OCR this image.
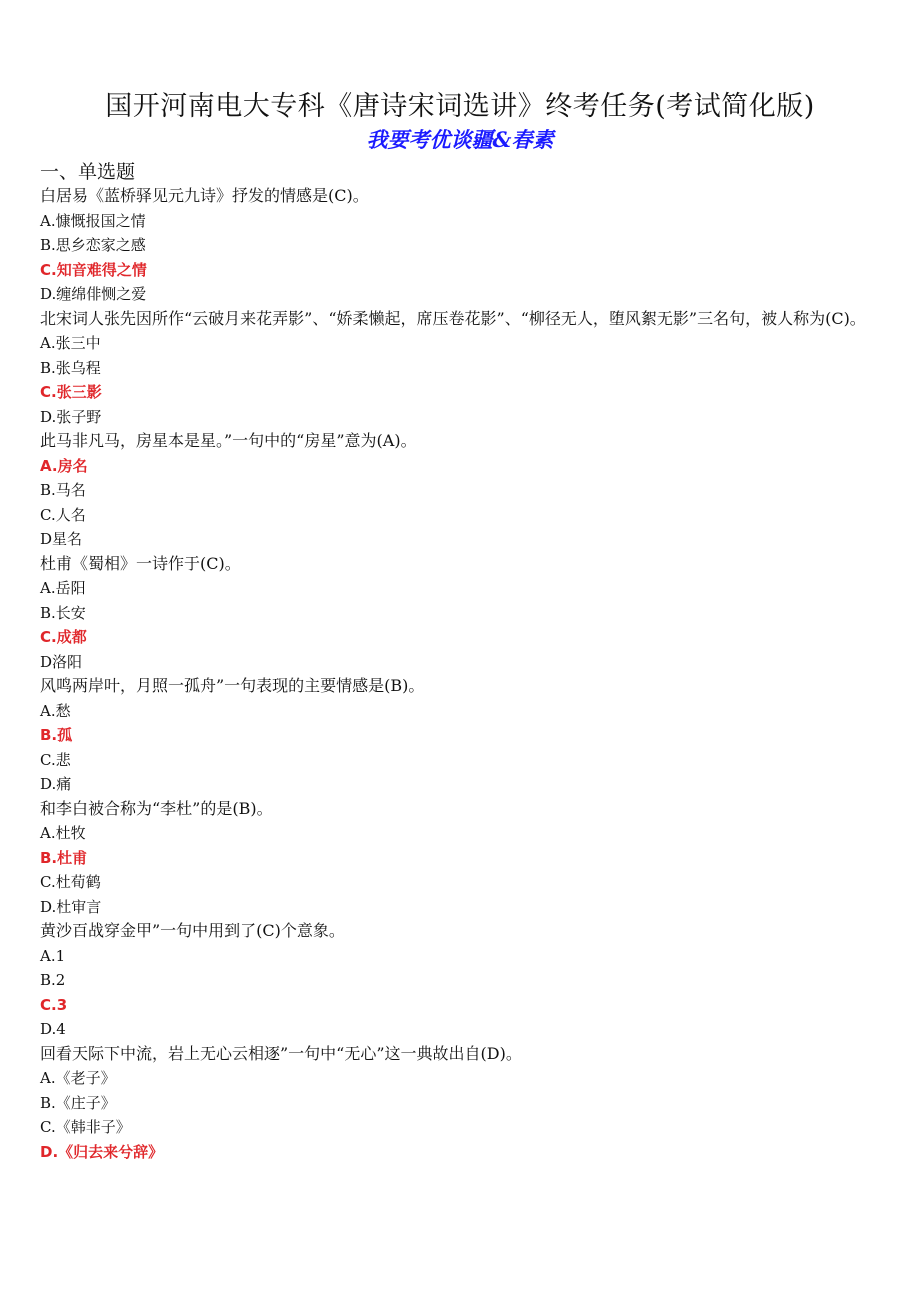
国开河南电大专科《唐诗宋词选讲》终考任务(考试简化版)
我要考优谈疆&春素

一、单选题

白居易《蓝桥驿见元九诗》抒发的情感是(C)。

A.慷慨报国之情

B.思乡恋家之感

C.知音难得之情

D.缠绵俳恻之爱

北宋词人张先因所作“云破月来花弄影”、“娇柔懒起，席压卷花影”、“柳径无人，堕风絮无影”三名句，被人称为(C)。

A.张三中

B.张乌程

C.张三影

D.张子野

此马非凡马，房星本是星。”一句中的“房星”意为(A)。

A.房名

B.马名

C.人名

D星名

杜甫《蜀相》一诗作于(C)。

A.岳阳

B.长安

C.成都

D洛阳

风鸣两岸叶，月照一孤舟”一句表现的主要情感是(B)。

A.愁

B.孤

C.悲

D.痛

和李白被合称为“李杜”的是(B)。

A.杜牧

B.杜甫

C.杜荀鹤

D.杜审言

黄沙百战穿金甲”一句中用到了(C)个意象。

A.1

B.2

C.3

D.4

回看天际下中流，岩上无心云相逐”一句中“无心”这一典故出自(D)。

A.《老子》

B.《庄子》

C.《韩非子》

D.《归去来兮辞》
